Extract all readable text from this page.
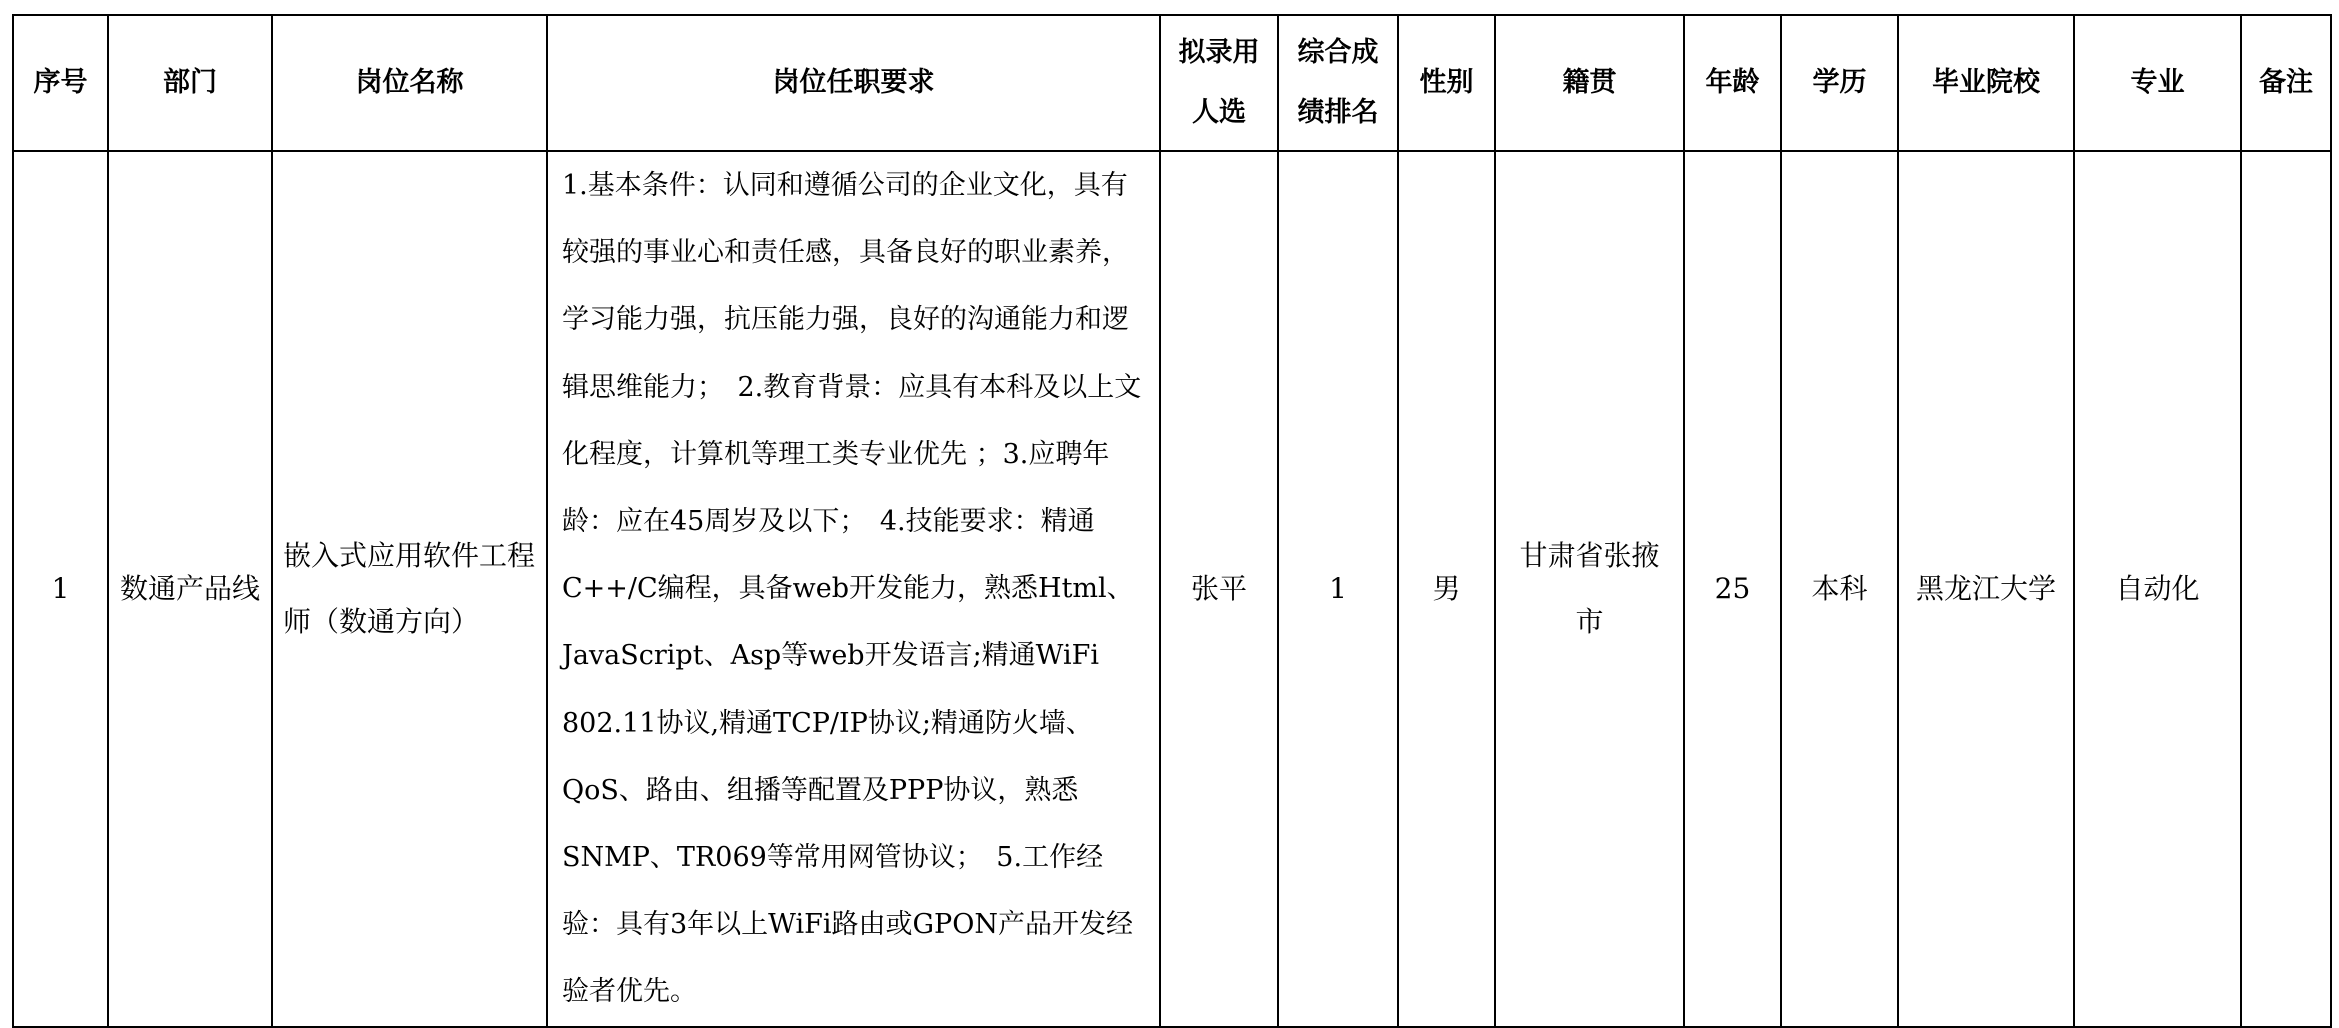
序号	部门	岗位名称	岗位任职要求	拟录用人选	综合成绩排名	性别	籍贯	年龄	学历	毕业院校	专业	备注
1	数通产品线	嵌入式应用软件工程师（数通方向）	1.基本条件：认同和遵循公司的企业文化，具有较强的事业心和责任感，具备良好的职业素养，学习能力强，抗压能力强，良好的沟通能力和逻辑思维能力；　2.教育背景：应具有本科及以上文化程度，计算机等理工类专业优先 ；3.应聘年龄：应在45周岁及以下；　4.技能要求：精通C++/C编程，具备web开发能力，熟悉Html、JavaScript、Asp等web开发语言;精通WiFi 802.11协议,精通TCP/IP协议;精通防火墙、QoS、路由、组播等配置及PPP协议，熟悉SNMP、TR069等常用网管协议；　5.工作经验：具有3年以上WiFi路由或GPON产品开发经验者优先。	张平	1	男	甘肃省张掖市	25	本科	黑龙江大学	自动化	
